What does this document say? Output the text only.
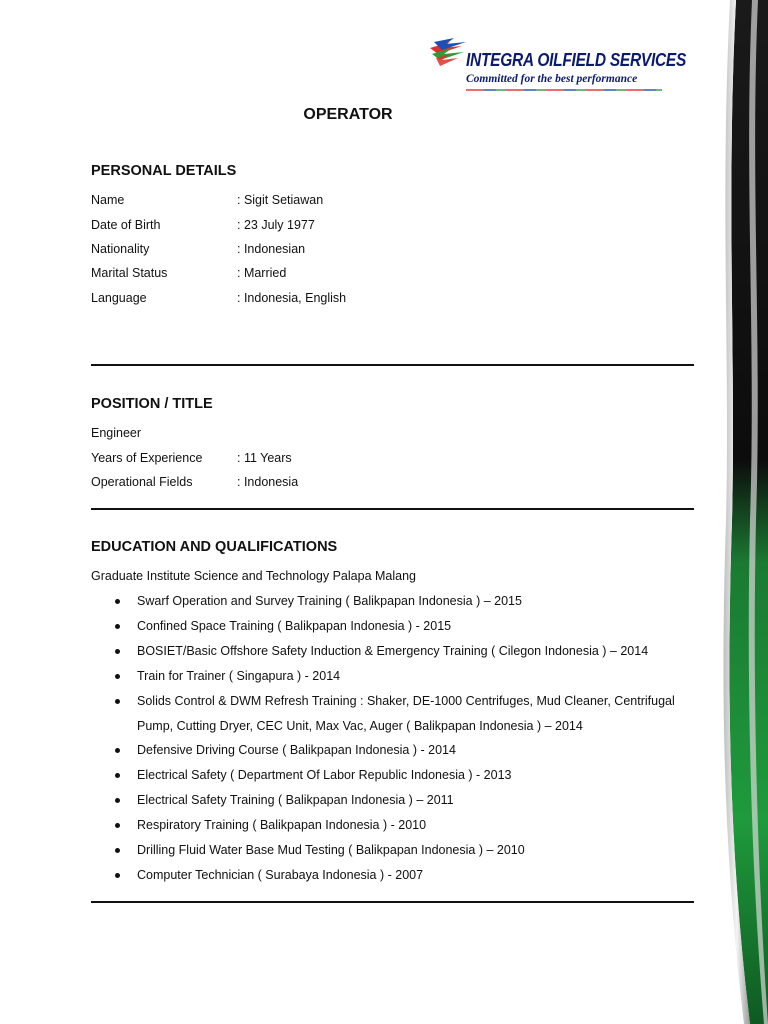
INTEGRA OILFIELD SERVICES
Committed for the best performance
OPERATOR
PERSONAL DETAILS
Name	: Sigit Setiawan
Date of Birth	: 23 July 1977
Nationality	: Indonesian
Marital Status	: Married
Language	: Indonesia, English
POSITION / TITLE
Engineer
Years of Experience	: 11 Years
Operational Fields	: Indonesia
EDUCATION AND QUALIFICATIONS
Graduate Institute Science and Technology Palapa Malang
Swarf Operation and Survey Training ( Balikpapan Indonesia ) – 2015
Confined Space Training ( Balikpapan Indonesia ) - 2015
BOSIET/Basic Offshore Safety Induction & Emergency Training ( Cilegon Indonesia ) – 2014
Train for Trainer ( Singapura ) - 2014
Solids Control & DWM Refresh Training : Shaker, DE-1000 Centrifuges, Mud Cleaner, Centrifugal
Pump, Cutting Dryer, CEC Unit, Max Vac, Auger ( Balikpapan Indonesia ) – 2014
Defensive Driving Course ( Balikpapan Indonesia ) - 2014
Electrical Safety ( Department Of Labor Republic Indonesia ) - 2013
Electrical Safety Training ( Balikpapan Indonesia ) – 2011
Respiratory Training ( Balikpapan Indonesia ) - 2010
Drilling Fluid Water Base Mud Testing ( Balikpapan Indonesia ) – 2010
Computer Technician ( Surabaya Indonesia ) - 2007
